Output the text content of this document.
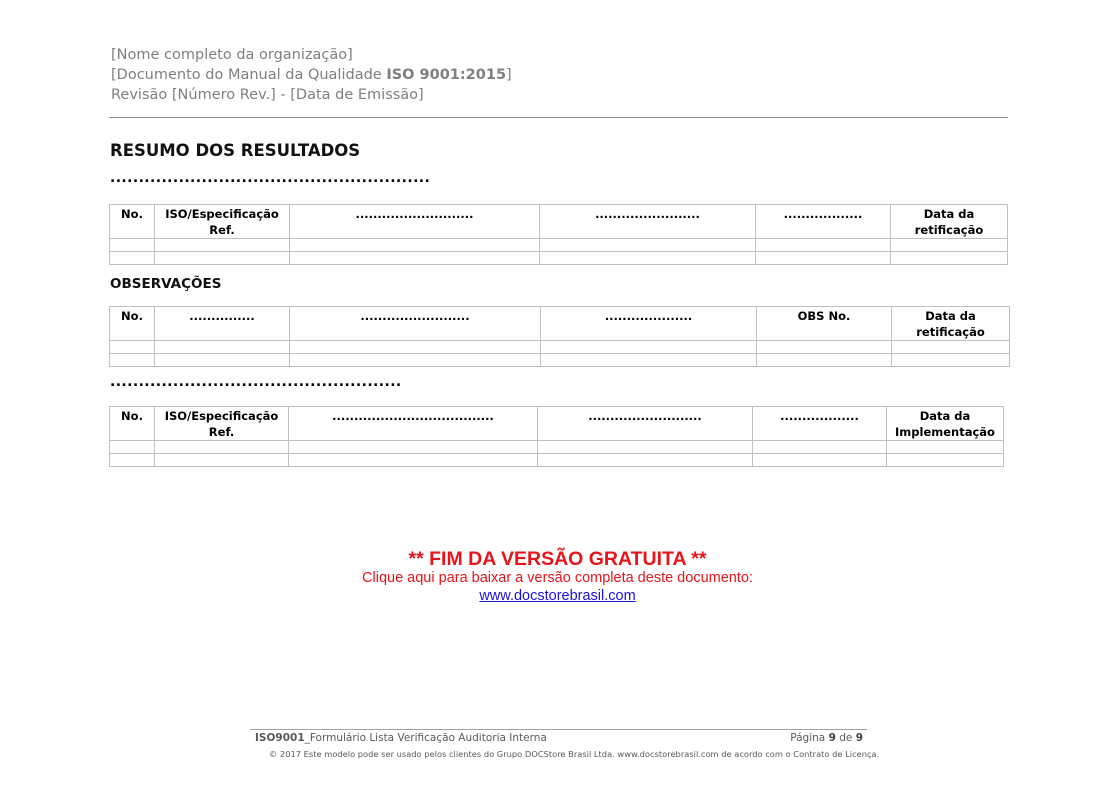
[Nome completo da organização]
[Documento do Manual da Qualidade ISO 9001:2015]
Revisão [Número Rev.] - [Data de Emissão]
RESUMO DOS RESULTADOS
........................................................
No.	ISO/Especificação Ref.	...........................	........................	..................	Data da retificação

OBSERVAÇÕES
No.	...............	.........................	....................	OBS No.	Data da retificação

...................................................
No.	ISO/Especificação Ref.	.....................................	..........................	..................	Data da Implementação

** FIM DA VERSÃO GRATUITA **
Clique aqui para baixar a versão completa deste documento:
www.docstorebrasil.com
ISO9001_Formulário Lista Verificação Auditoria Interna	Página 9 de 9
© 2017 Este modelo pode ser usado pelos clientes do Grupo DOCStore Brasil Ltda. www.docstorebrasil.com de acordo com o Contrato de Licença.
